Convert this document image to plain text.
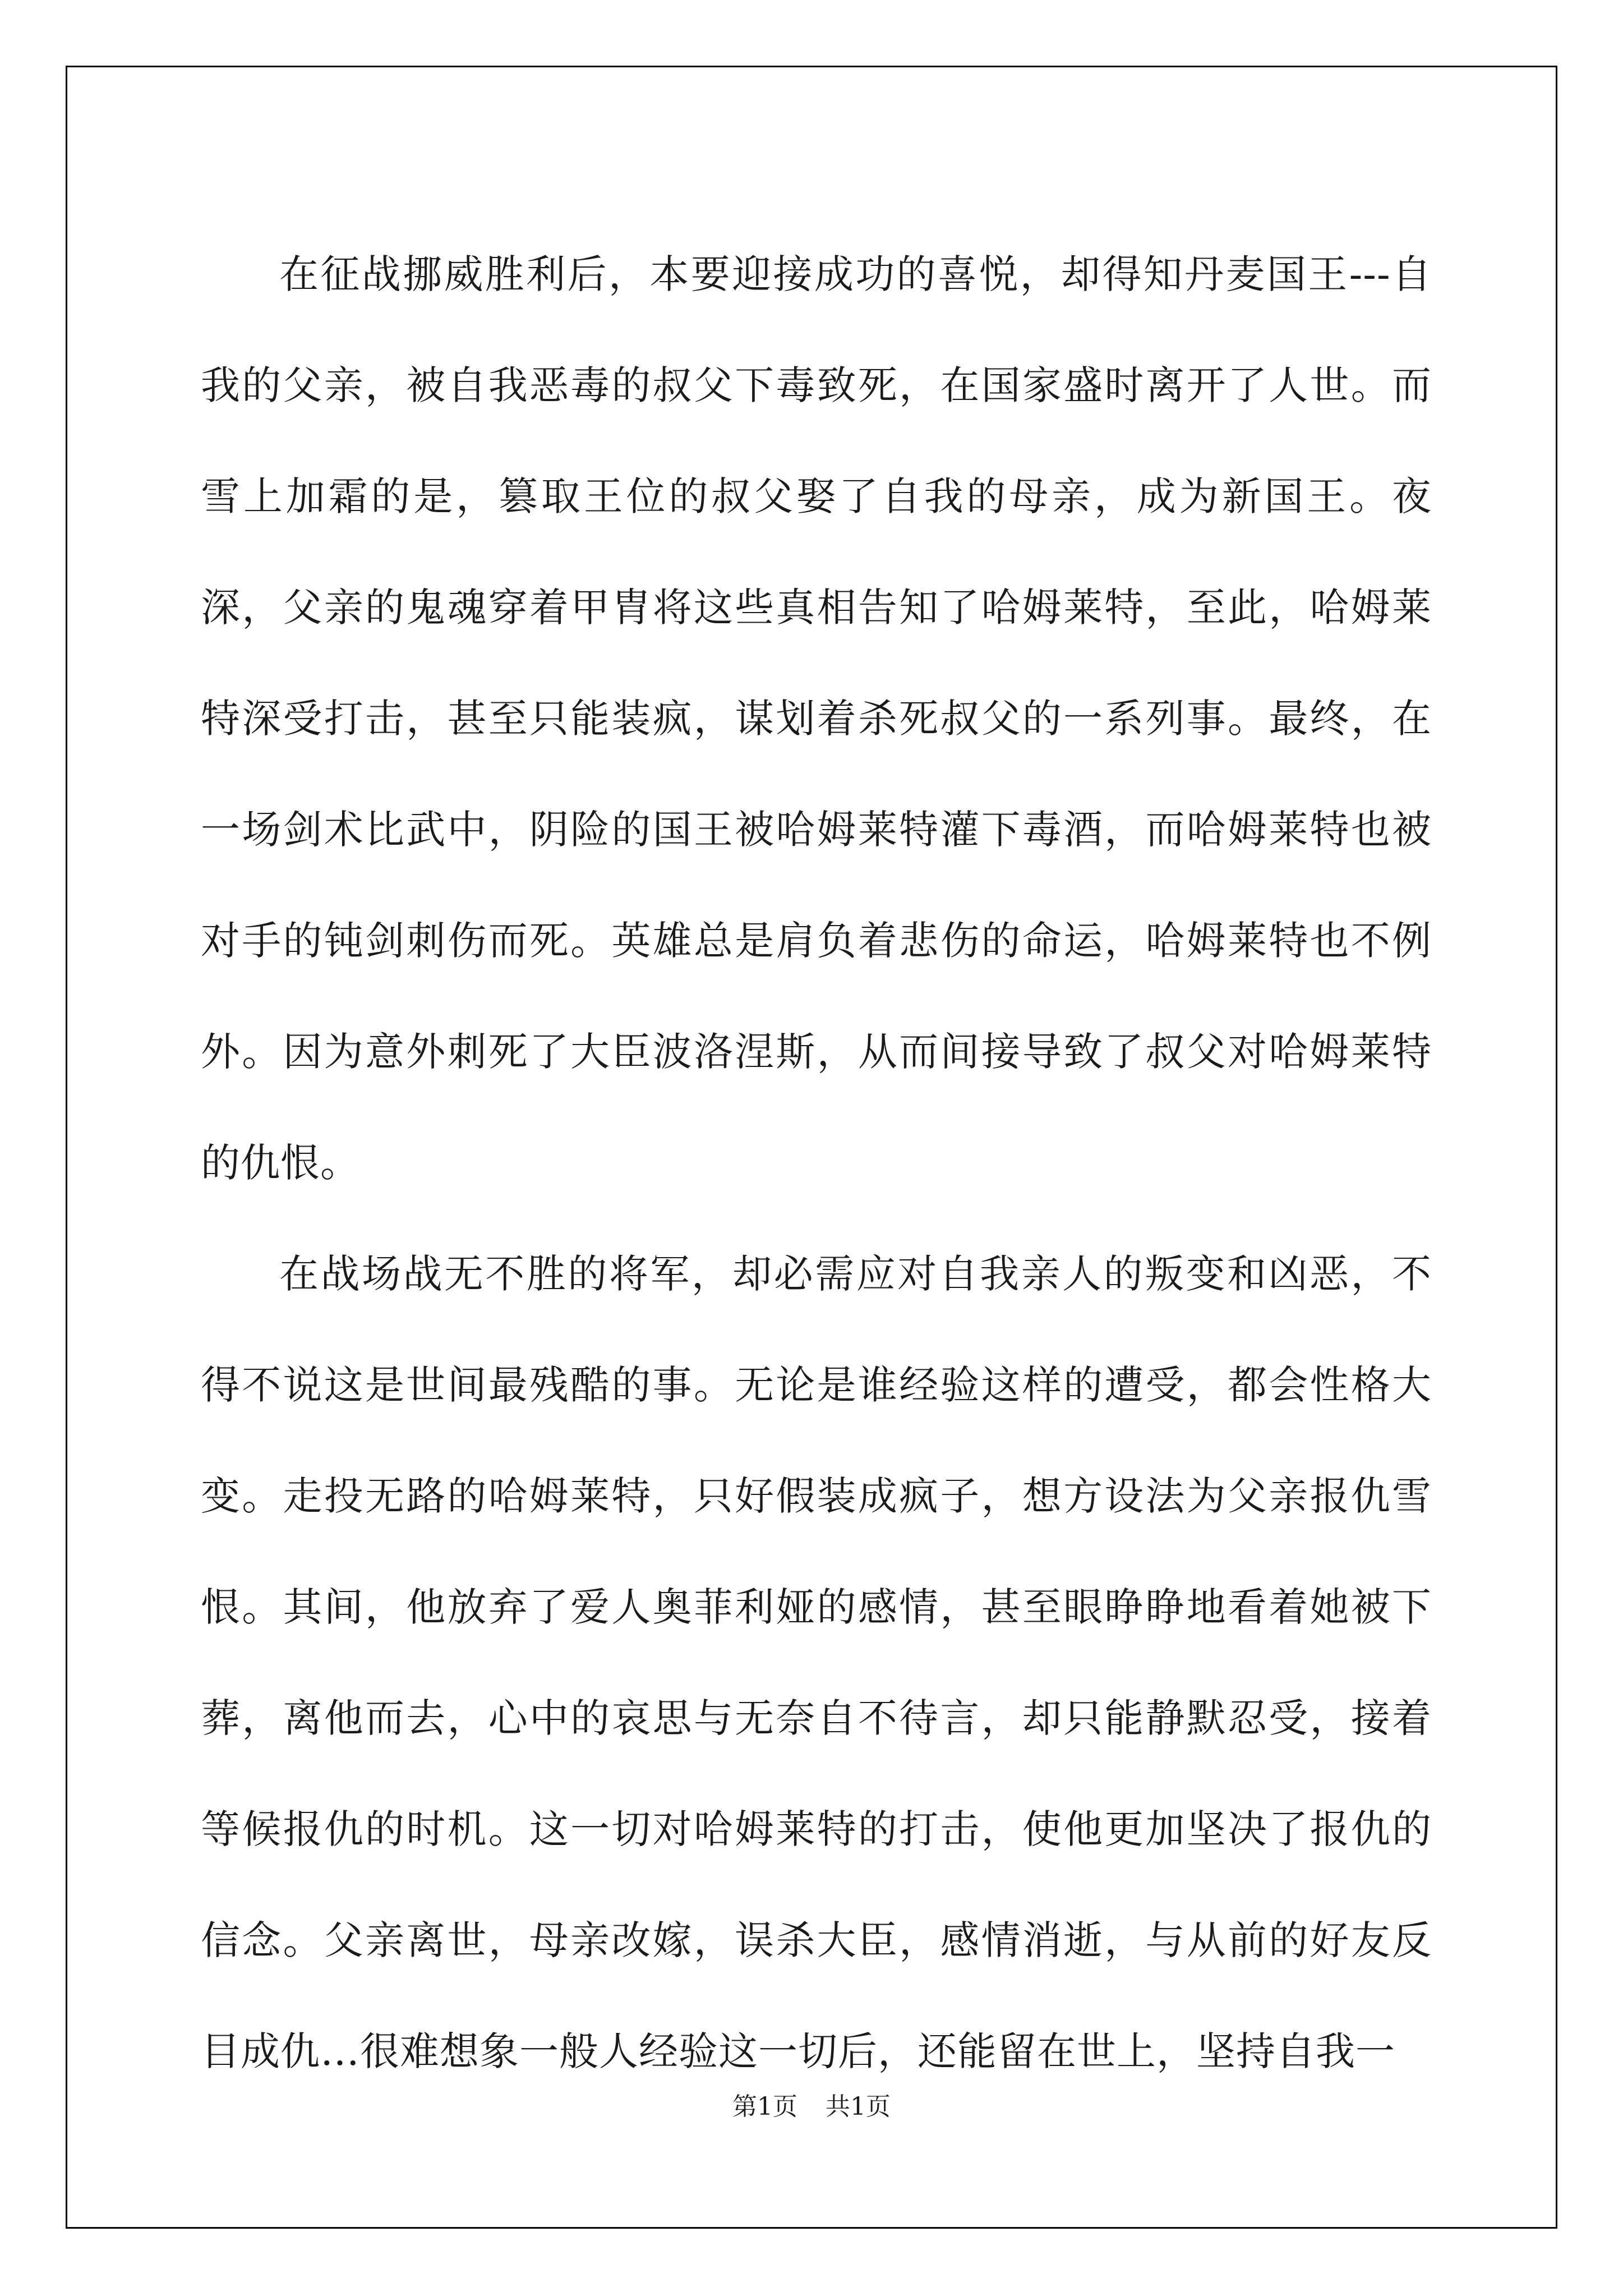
在征战挪威胜利后，本要迎接成功的喜悦，却得知丹麦国王---自我的父亲，被自我恶毒的叔父下毒致死，在国家盛时离开了人世。而雪上加霜的是，篡取王位的叔父娶了自我的母亲，成为新国王。夜深，父亲的鬼魂穿着甲胄将这些真相告知了哈姆莱特，至此，哈姆莱特深受打击，甚至只能装疯，谋划着杀死叔父的一系列事。最终，在一场剑术比武中，阴险的国王被哈姆莱特灌下毒酒，而哈姆莱特也被对手的钝剑刺伤而死。英雄总是肩负着悲伤的命运，哈姆莱特也不例外。因为意外刺死了大臣波洛涅斯，从而间接导致了叔父对哈姆莱特的仇恨。

在战场战无不胜的将军，却必需应对自我亲人的叛变和凶恶，不得不说这是世间最残酷的事。无论是谁经验这样的遭受，都会性格大变。走投无路的哈姆莱特，只好假装成疯子，想方设法为父亲报仇雪恨。其间，他放弃了爱人奥菲利娅的感情，甚至眼睁睁地看着她被下葬，离他而去，心中的哀思与无奈自不待言，却只能静默忍受，接着等候报仇的时机。这一切对哈姆莱特的打击，使他更加坚决了报仇的信念。父亲离世，母亲改嫁，误杀大臣，感情消逝，与从前的好友反目成仇…很难想象一般人经验这一切后，还能留在世上，坚持自我一

第1页 共1页
